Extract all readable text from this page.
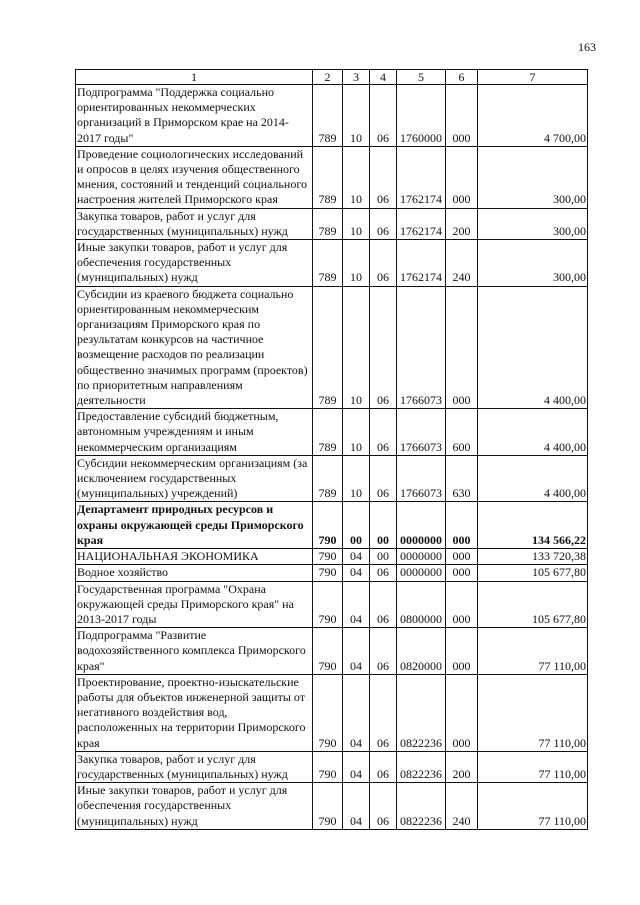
163
1	2	3	4	5	6	7
Подпрограмма "Поддержка социально ориентированных некоммерческих организаций в Приморском крае на 2014-2017 годы"	789	10	06	1760000	000	4 700,00
Проведение социологических исследований и опросов в целях изучения общественного мнения, состояний и тенденций социального настроения жителей Приморского края	789	10	06	1762174	000	300,00
Закупка товаров, работ и услуг для государственных (муниципальных) нужд	789	10	06	1762174	200	300,00
Иные закупки товаров, работ и услуг для обеспечения государственных (муниципальных) нужд	789	10	06	1762174	240	300,00
Субсидии из краевого бюджета социально ориентированным некоммерческим организациям Приморского края по результатам конкурсов на частичное возмещение расходов по реализации общественно значимых программ (проектов) по приоритетным направлениям деятельности	789	10	06	1766073	000	4 400,00
Предоставление субсидий бюджетным, автономным учреждениям и иным некоммерческим организациям	789	10	06	1766073	600	4 400,00
Субсидии некоммерческим организациям (за исключением государственных (муниципальных) учреждений)	789	10	06	1766073	630	4 400,00
Департамент природных ресурсов и охраны окружающей среды Приморского края	790	00	00	0000000	000	134 566,22
НАЦИОНАЛЬНАЯ ЭКОНОМИКА	790	04	00	0000000	000	133 720,38
Водное хозяйство	790	04	06	0000000	000	105 677,80
Государственная программа "Охрана окружающей среды Приморского края" на 2013-2017 годы	790	04	06	0800000	000	105 677,80
Подпрограмма "Развитие водохозяйственного комплекса Приморского края"	790	04	06	0820000	000	77 110,00
Проектирование, проектно-изыскательские работы для объектов инженерной защиты от негативного воздействия вод, расположенных на территории Приморского края	790	04	06	0822236	000	77 110,00
Закупка товаров, работ и услуг для государственных (муниципальных) нужд	790	04	06	0822236	200	77 110,00
Иные закупки товаров, работ и услуг для обеспечения государственных (муниципальных) нужд	790	04	06	0822236	240	77 110,00
